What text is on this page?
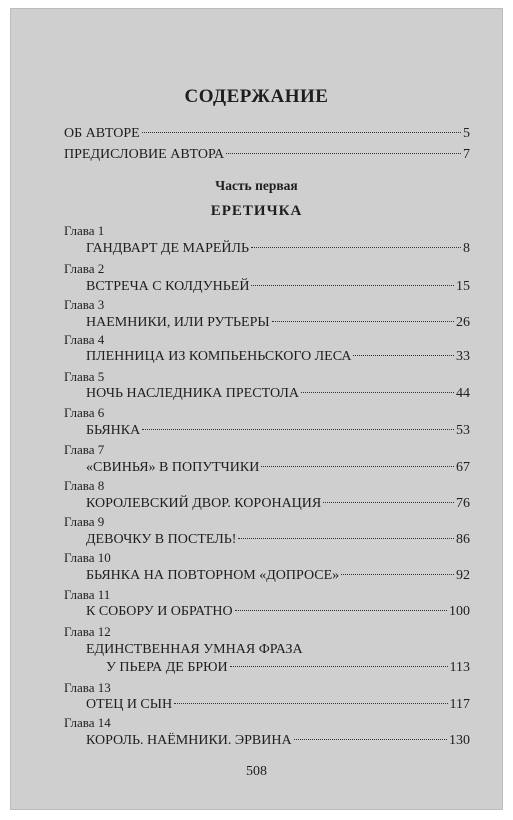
СОДЕРЖАНИЕ
ОБ АВТОРЕ	5
ПРЕДИСЛОВИЕ АВТОРА	7
Часть первая
ЕРЕТИЧКА
Глава 1
ГАНДВАРТ ДЕ МАРЕЙЛЬ	8
Глава 2
ВСТРЕЧА С КОЛДУНЬЕЙ	15
Глава 3
НАЕМНИКИ, ИЛИ РУТЬЕРЫ	26
Глава 4
ПЛЕННИЦА ИЗ КОМПЬЕНЬСКОГО ЛЕСА	33
Глава 5
НОЧЬ НАСЛЕДНИКА ПРЕСТОЛА	44
Глава 6
БЬЯНКА	53
Глава 7
«СВИНЬЯ» В ПОПУТЧИКИ	67
Глава 8
КОРОЛЕВСКИЙ ДВОР. КОРОНАЦИЯ	76
Глава 9
ДЕВОЧКУ В ПОСТЕЛЬ!	86
Глава 10
БЬЯНКА НА ПОВТОРНОМ «ДОПРОСЕ»	92
Глава 11
К СОБОРУ И ОБРАТНО	100
Глава 12
ЕДИНСТВЕННАЯ УМНАЯ ФРАЗА
У ПЬЕРА ДЕ БРЮИ	113
Глава 13
ОТЕЦ И СЫН	117
Глава 14
КОРОЛЬ. НАЁМНИКИ. ЭРВИНА	130
508
